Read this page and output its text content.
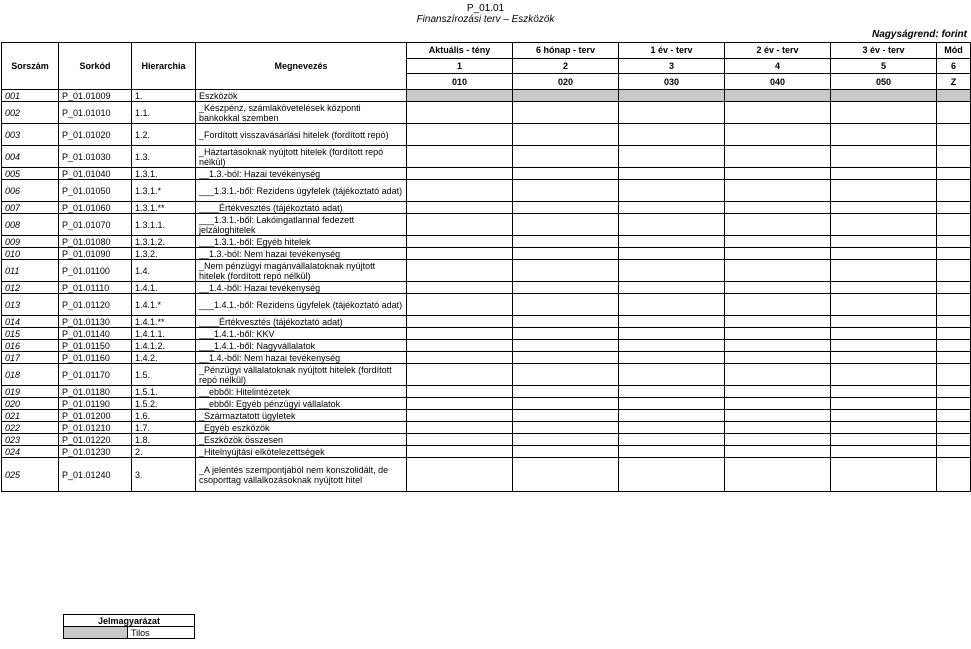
P_01.01
Finanszírozási terv – Eszközök
Nagyságrend: forint
Sorszám	Sorkód	Hierarchia	Megnevezés	Aktuális - tény	6 hónap - terv	1 év - terv	2 év - terv	3 év - terv	Mód
				1	2	3	4	5	6
				010	020	030	040	050	Z
001	P_01.01009	1.	Eszközök						
002	P_01.01010	1.1.	_Készpénz, számlakövetelések központi bankokkal szemben						
003	P_01.01020	1.2.	_Fordított visszavásárlási hitelek (fordított repó)						
004	P_01.01030	1.3.	_Háztartásoknak nyújtott hitelek (fordított repó nélkül)						
005	P_01.01040	1.3.1.	__1.3.-ból: Hazai tevékenység						
006	P_01.01050	1.3.1.*	___1.3.1.-ből: Rezidens ügyfelek (tájékoztató adat)						
007	P_01.01060	1.3.1.**	____Értékvesztés (tájékoztató adat)						
008	P_01.01070	1.3.1.1.	___1.3.1.-ből: Lakóingatlannal fedezett jelzáloghitelek						
009	P_01.01080	1.3.1.2.	___1.3.1.-ből: Egyéb hitelek						
010	P_01.01090	1.3.2.	__1.3.-ból: Nem hazai tevékenység						
011	P_01.01100	1.4.	_Nem pénzügyi magánvállalatoknak nyújtott hitelek (fordított repó nélkül)						
012	P_01.01110	1.4.1.	__1.4.-ből: Hazai tevékenység						
013	P_01.01120	1.4.1.*	___1.4.1.-ből: Rezidens ügyfelek (tájékoztató adat)						
014	P_01.01130	1.4.1.**	____Értékvesztés (tájékoztató adat)						
015	P_01.01140	1.4.1.1.	___1.4.1.-ből: KKV						
016	P_01.01150	1.4.1.2.	___1.4.1.-ből: Nagyvállalatok						
017	P_01.01160	1.4.2.	__1.4.-ből: Nem hazai tevékenység						
018	P_01.01170	1.5.	_Pénzügyi vállalatoknak nyújtott hitelek (fordított repó nélkül)						
019	P_01.01180	1.5.1.	__ebből: Hitelintézetek						
020	P_01.01190	1.5.2.	__ebből: Egyéb pénzügyi vállalatok						
021	P_01.01200	1.6.	_Származtatott ügyletek						
022	P_01.01210	1.7.	_Egyéb eszközök						
023	P_01.01220	1.8.	_Eszközök összesen						
024	P_01.01230	2.	_Hitelnyújtási elkötelezettségek						
025	P_01.01240	3.	_A jelentés szempontjából nem konszolidált, de csoporttag vállalkozásoknak nyújtott hitel						
Jelmagyarázat
	Tilos
